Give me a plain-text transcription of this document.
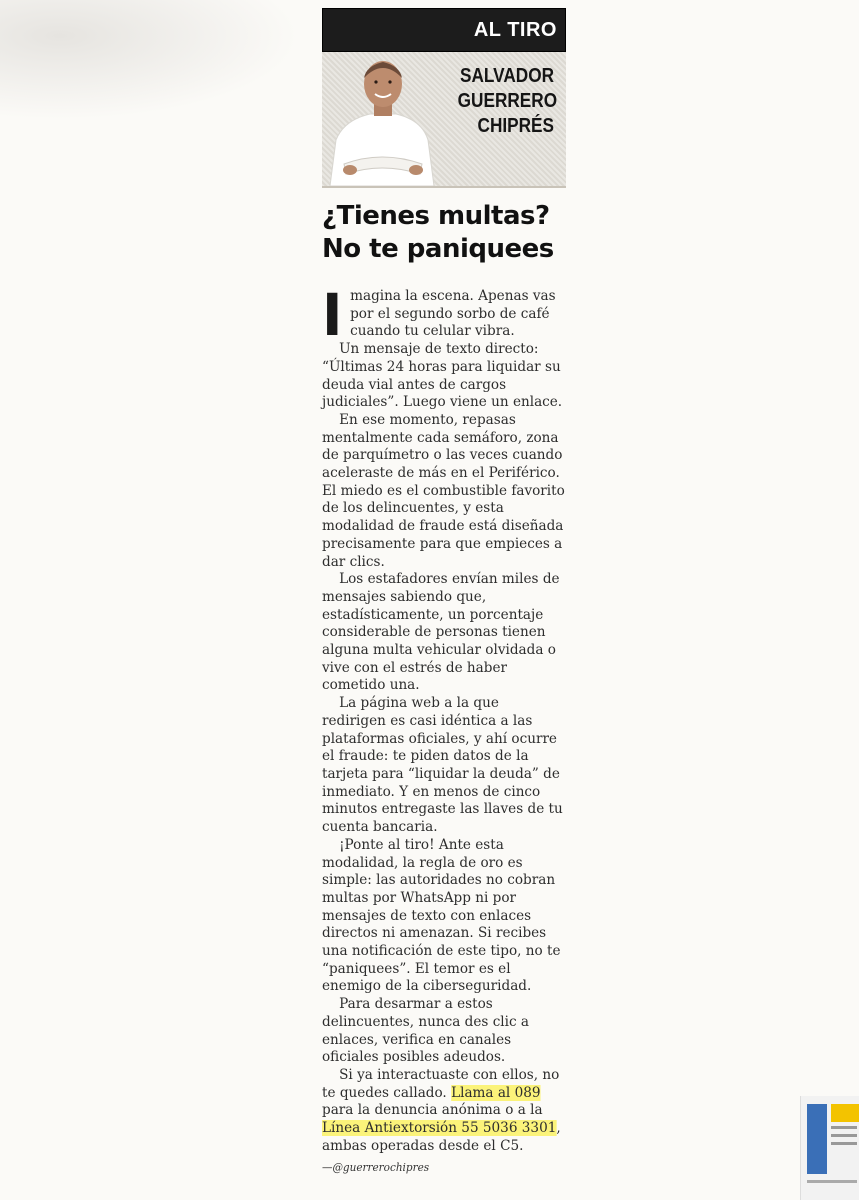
AL TIRO
SALVADOR
GUERRERO
CHIPRÉS
¿Tienes multas?
No te paniquees

Imagina la escena. Apenas vas por el segundo sorbo de café cuando tu celular vibra.

Un mensaje de texto directo: “Últimas 24 horas para liquidar su deuda vial antes de cargos judiciales”. Luego viene un enlace.

En ese momento, repasas mentalmente cada semáforo, zona de parquímetro o las veces cuando aceleraste de más en el Periférico. El miedo es el combustible favorito de los delincuentes, y esta modalidad de fraude está diseñada precisamente para que empieces a dar clics.

Los estafadores envían miles de mensajes sabiendo que, estadísticamente, un porcentaje considerable de personas tienen alguna multa vehicular olvidada o vive con el estrés de haber cometido una.

La página web a la que redirigen es casi idéntica a las plataformas oficiales, y ahí ocurre el fraude: te piden datos de la tarjeta para “liquidar la deuda” de inmediato. Y en menos de cinco minutos entregaste las llaves de tu cuenta bancaria.

¡Ponte al tiro! Ante esta modalidad, la regla de oro es simple: las autoridades no cobran multas por WhatsApp ni por mensajes de texto con enlaces directos ni amenazan. Si recibes una notificación de este tipo, no te “paniquees”. El temor es el enemigo de la ciberseguridad.

Para desarmar a estos delincuentes, nunca des clic a enlaces, verifica en canales oficiales posibles adeudos.

Si ya interactuaste con ellos, no te quedes callado. Llama al 089 para la denuncia anónima o a la Línea Antiextorsión 55 5036 3301, ambas operadas desde el C5.

—@guerrerochipres
